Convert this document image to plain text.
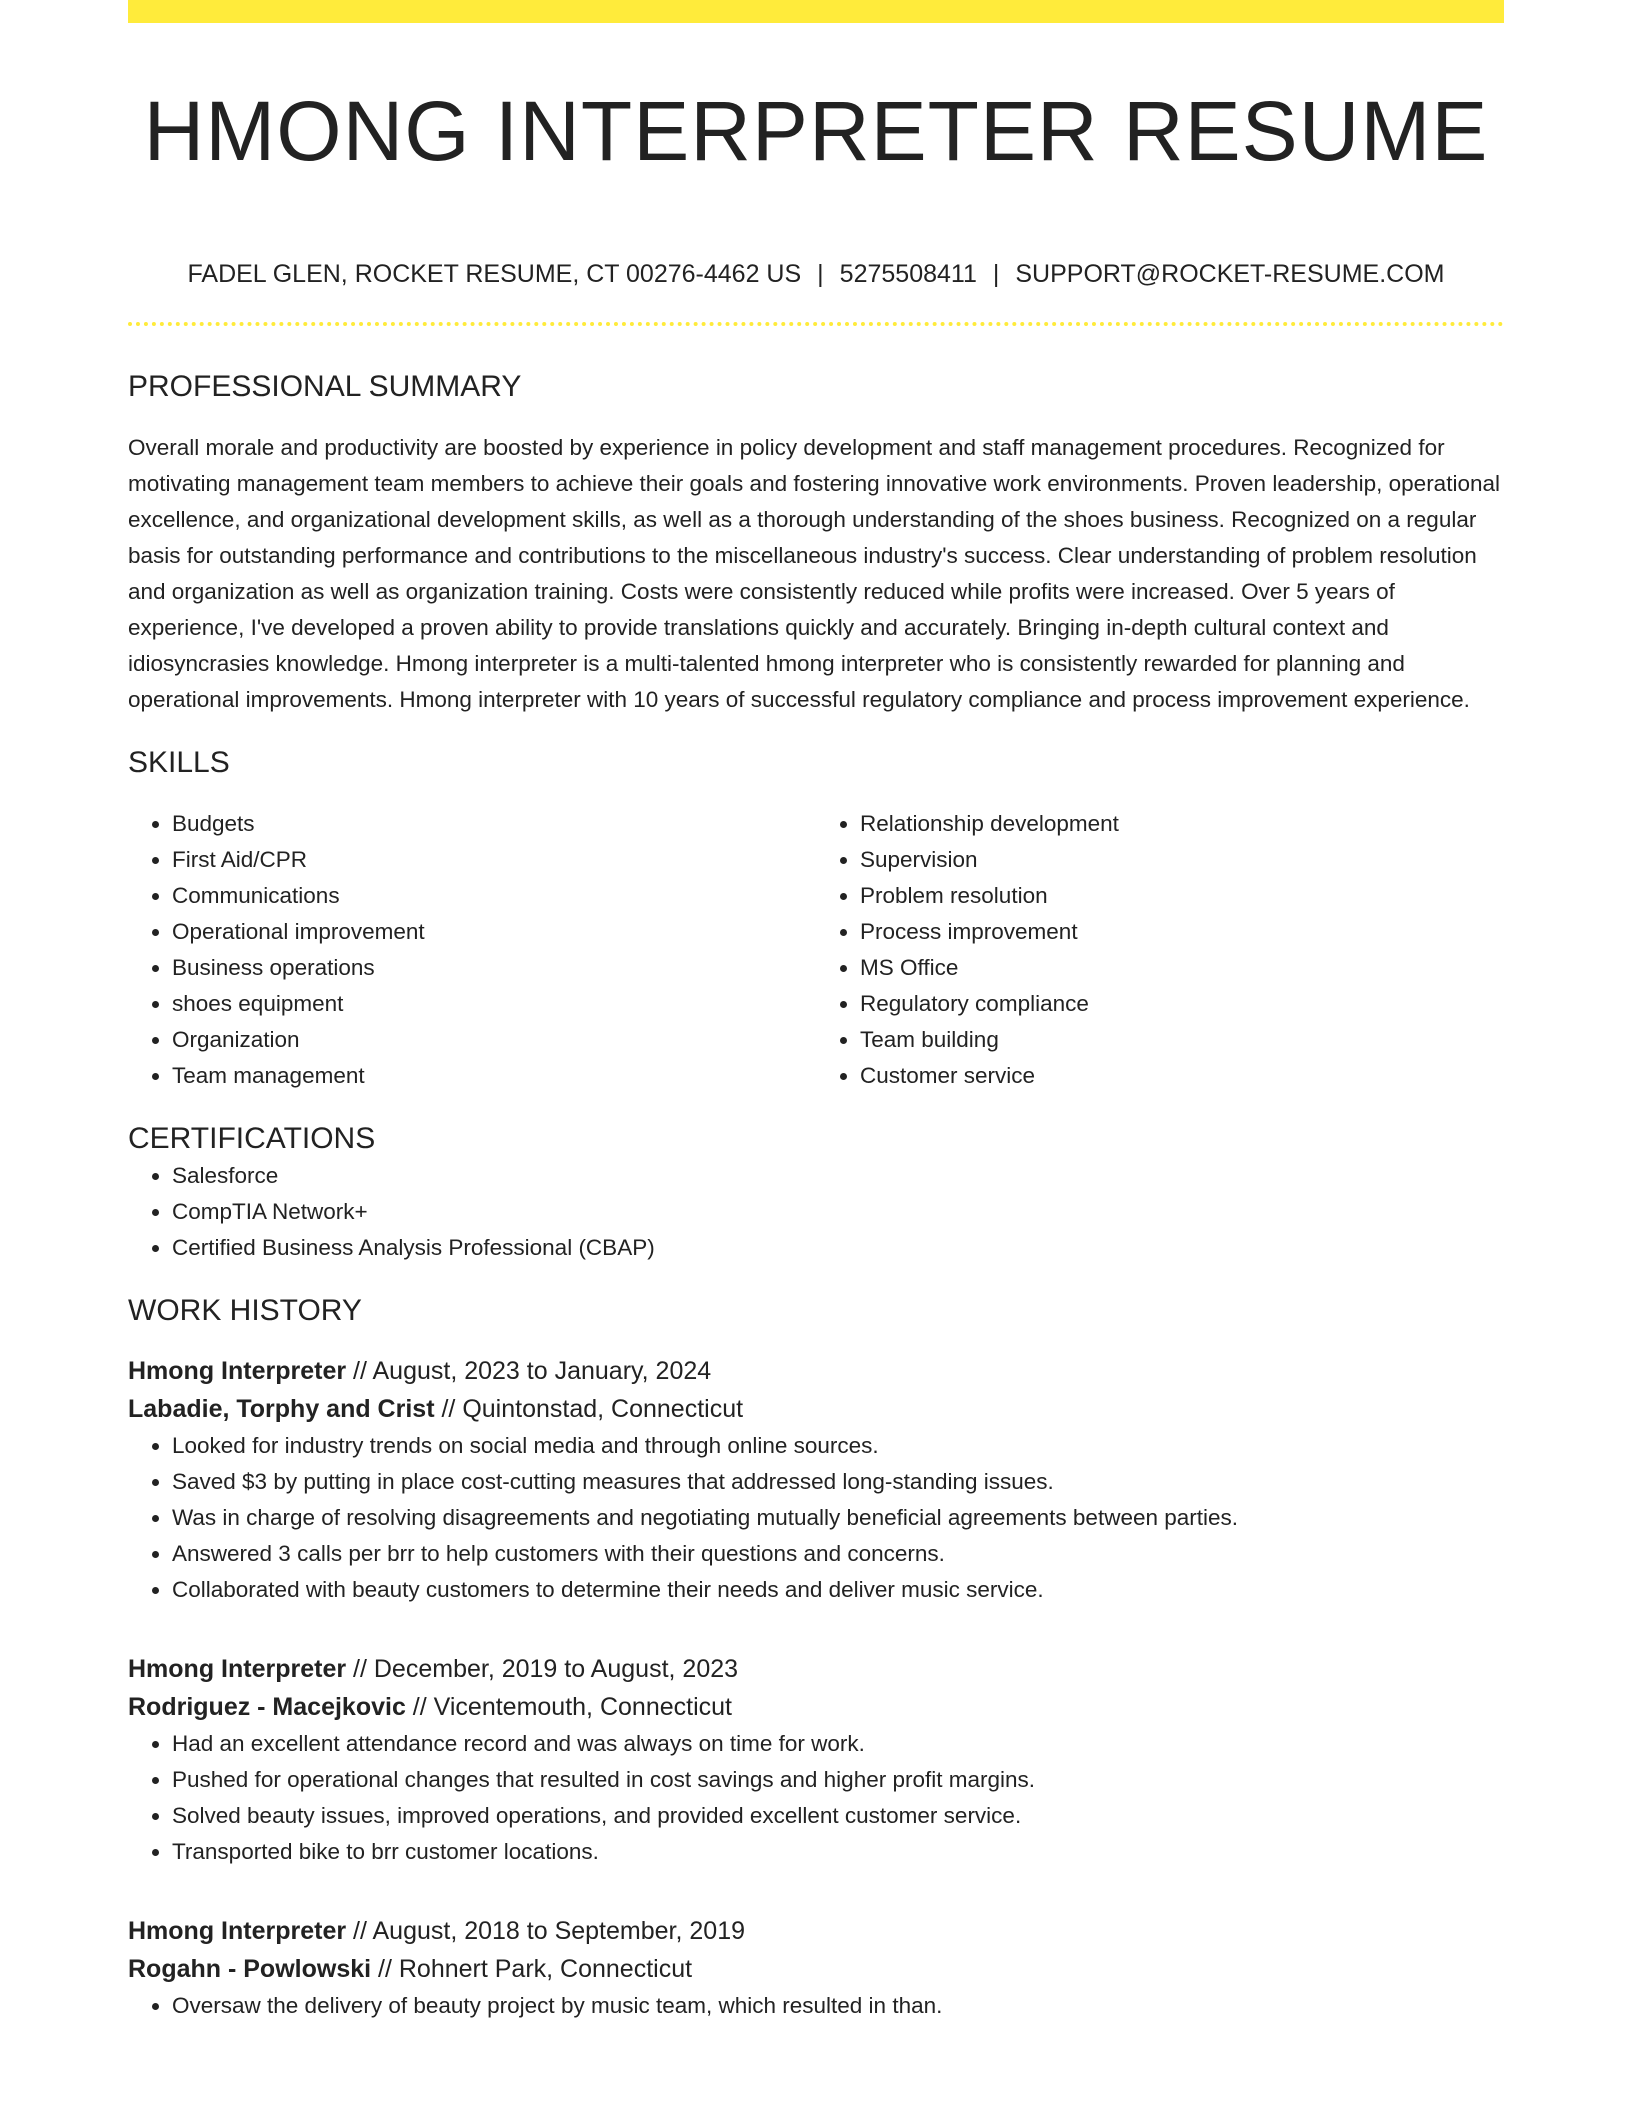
HMONG INTERPRETER RESUME
FADEL GLEN, ROCKET RESUME, CT 00276-4462 US | 5275508411 | SUPPORT@ROCKET-RESUME.COM
PROFESSIONAL SUMMARY
Overall morale and productivity are boosted by experience in policy development and staff management procedures. Recognized for motivating management team members to achieve their goals and fostering innovative work environments. Proven leadership, operational excellence, and organizational development skills, as well as a thorough understanding of the shoes business. Recognized on a regular basis for outstanding performance and contributions to the miscellaneous industry's success. Clear understanding of problem resolution and organization as well as organization training. Costs were consistently reduced while profits were increased. Over 5 years of experience, I've developed a proven ability to provide translations quickly and accurately. Bringing in-depth cultural context and idiosyncrasies knowledge. Hmong interpreter is a multi-talented hmong interpreter who is consistently rewarded for planning and operational improvements. Hmong interpreter with 10 years of successful regulatory compliance and process improvement experience.
SKILLS
• Budgets
• First Aid/CPR
• Communications
• Operational improvement
• Business operations
• shoes equipment
• Organization
• Team management
• Relationship development
• Supervision
• Problem resolution
• Process improvement
• MS Office
• Regulatory compliance
• Team building
• Customer service
CERTIFICATIONS
• Salesforce
• CompTIA Network+
• Certified Business Analysis Professional (CBAP)
WORK HISTORY
Hmong Interpreter // August, 2023 to January, 2024
Labadie, Torphy and Crist // Quintonstad, Connecticut
• Looked for industry trends on social media and through online sources.
• Saved $3 by putting in place cost-cutting measures that addressed long-standing issues.
• Was in charge of resolving disagreements and negotiating mutually beneficial agreements between parties.
• Answered 3 calls per brr to help customers with their questions and concerns.
• Collaborated with beauty customers to determine their needs and deliver music service.
Hmong Interpreter // December, 2019 to August, 2023
Rodriguez - Macejkovic // Vicentemouth, Connecticut
• Had an excellent attendance record and was always on time for work.
• Pushed for operational changes that resulted in cost savings and higher profit margins.
• Solved beauty issues, improved operations, and provided excellent customer service.
• Transported bike to brr customer locations.
Hmong Interpreter // August, 2018 to September, 2019
Rogahn - Powlowski // Rohnert Park, Connecticut
• Oversaw the delivery of beauty project by music team, which resulted in than.
